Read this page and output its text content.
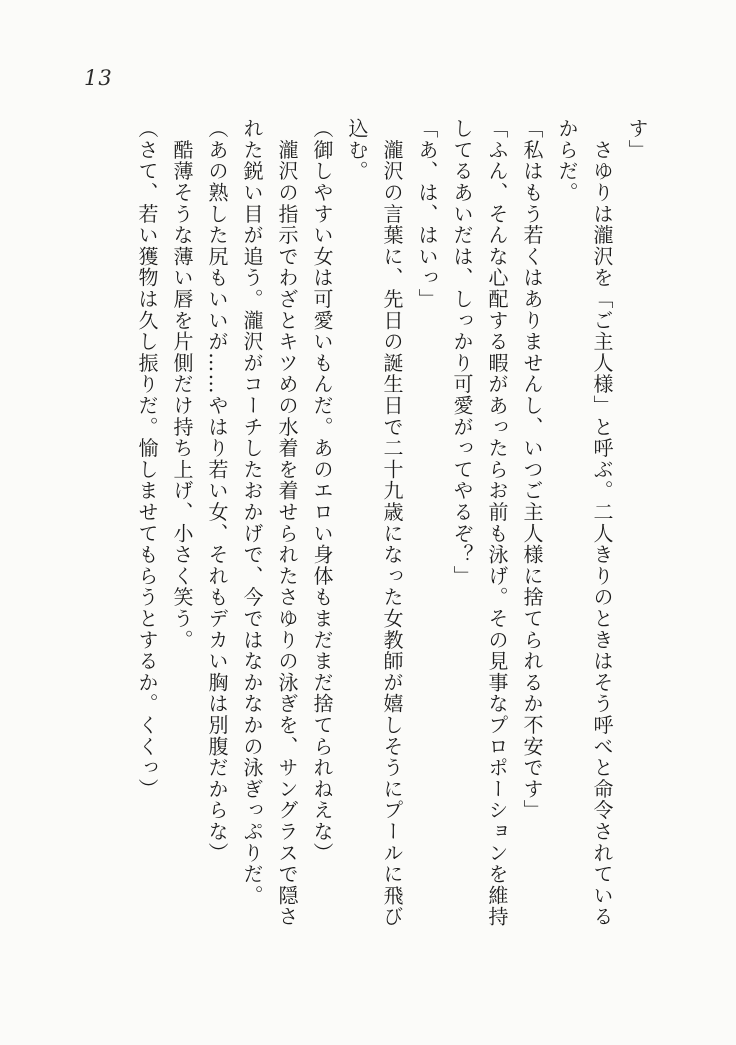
13

す」

　さゆりは瀧沢を「ご主人様」と呼ぶ。二人きりのときはそう呼べと命令されている

からだ。

「私はもう若くはありませんし、いつご主人様に捨てられるか不安です」

「ふん、そんな心配する暇があったらお前も泳げ。その見事なプロポーションを維持

してるあいだは、しっかり可愛がってやるぞ？」

「あ、は、はいっ」

　瀧沢の言葉に、先日の誕生日で二十九歳になった女教師が嬉しそうにプールに飛び

込む。

（御しやすい女は可愛いもんだ。あのエロい身体もまだまだ捨てられねえな）

　瀧沢の指示でわざとキツめの水着を着せられたさゆりの泳ぎを、サングラスで隠さ

れた鋭い目が追う。瀧沢がコーチしたおかげで、今ではなかなかの泳ぎっぷりだ。

（あの熟した尻もいいが……やはり若い女、それもデカい胸は別腹だからな）

　酷薄そうな薄い唇を片側だけ持ち上げ、小さく笑う。

（さて、若い獲物は久し振りだ。愉しませてもらうとするか。くくっ）
